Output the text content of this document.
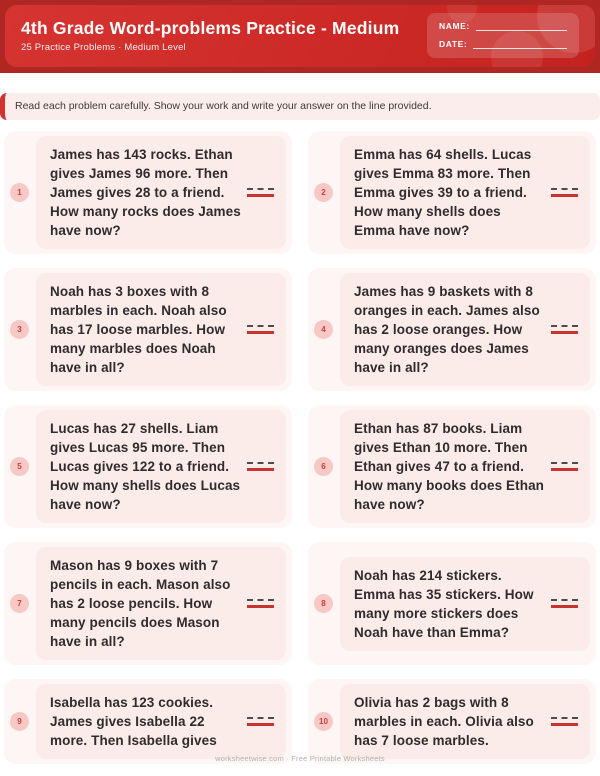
4th Grade Word-problems Practice - Medium
25 Practice Problems · Medium Level
NAME:
DATE:
Read each problem carefully. Show your work and write your answer on the line provided.
1
James has 143 rocks. Ethan gives James 96 more. Then James gives 28 to a friend. How many rocks does James have now?
2
Emma has 64 shells. Lucas gives Emma 83 more. Then Emma gives 39 to a friend. How many shells does Emma have now?
3
Noah has 3 boxes with 8 marbles in each. Noah also has 17 loose marbles. How many marbles does Noah have in all?
4
James has 9 baskets with 8 oranges in each. James also has 2 loose oranges. How many oranges does James have in all?
5
Lucas has 27 shells. Liam gives Lucas 95 more. Then Lucas gives 122 to a friend. How many shells does Lucas have now?
6
Ethan has 87 books. Liam gives Ethan 10 more. Then Ethan gives 47 to a friend. How many books does Ethan have now?
7
Mason has 9 boxes with 7 pencils in each. Mason also has 2 loose pencils. How many pencils does Mason have in all?
8
Noah has 214 stickers. Emma has 35 stickers. How many more stickers does Noah have than Emma?
9
Isabella has 123 cookies. James gives Isabella 22 more. Then Isabella gives
10
Olivia has 2 bags with 8 marbles in each. Olivia also has 7 loose marbles.
worksheetwise.com · Free Printable Worksheets
